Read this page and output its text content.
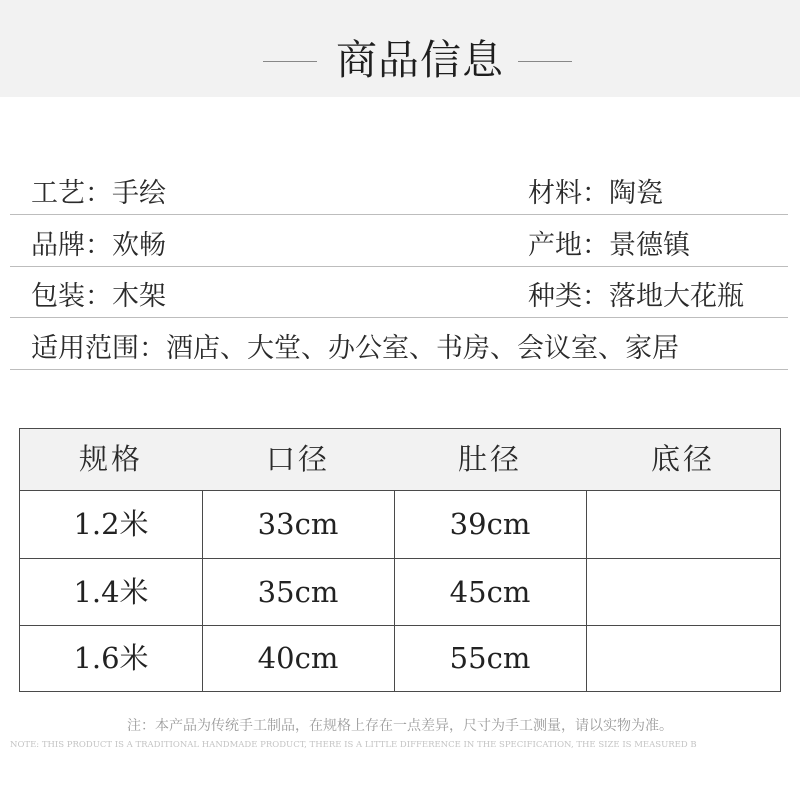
商品信息
工艺：手绘	材料：陶瓷
品牌：欢畅	产地：景德镇
包装：木架	种类：落地大花瓶
适用范围：酒店、大堂、办公室、书房、会议室、家居
规格	口径	肚径	底径
1.2米	33cm	39cm
1.4米	35cm	45cm
1.6米	40cm	55cm
注：本产品为传统手工制品，在规格上存在一点差异，尺寸为手工测量，请以实物为准。
NOTE: THIS PRODUCT IS A TRADITIONAL HANDMADE PRODUCT, THERE IS A LITTLE DIFFERENCE IN THE SPECIFICATION, THE SIZE IS MEASURED B
